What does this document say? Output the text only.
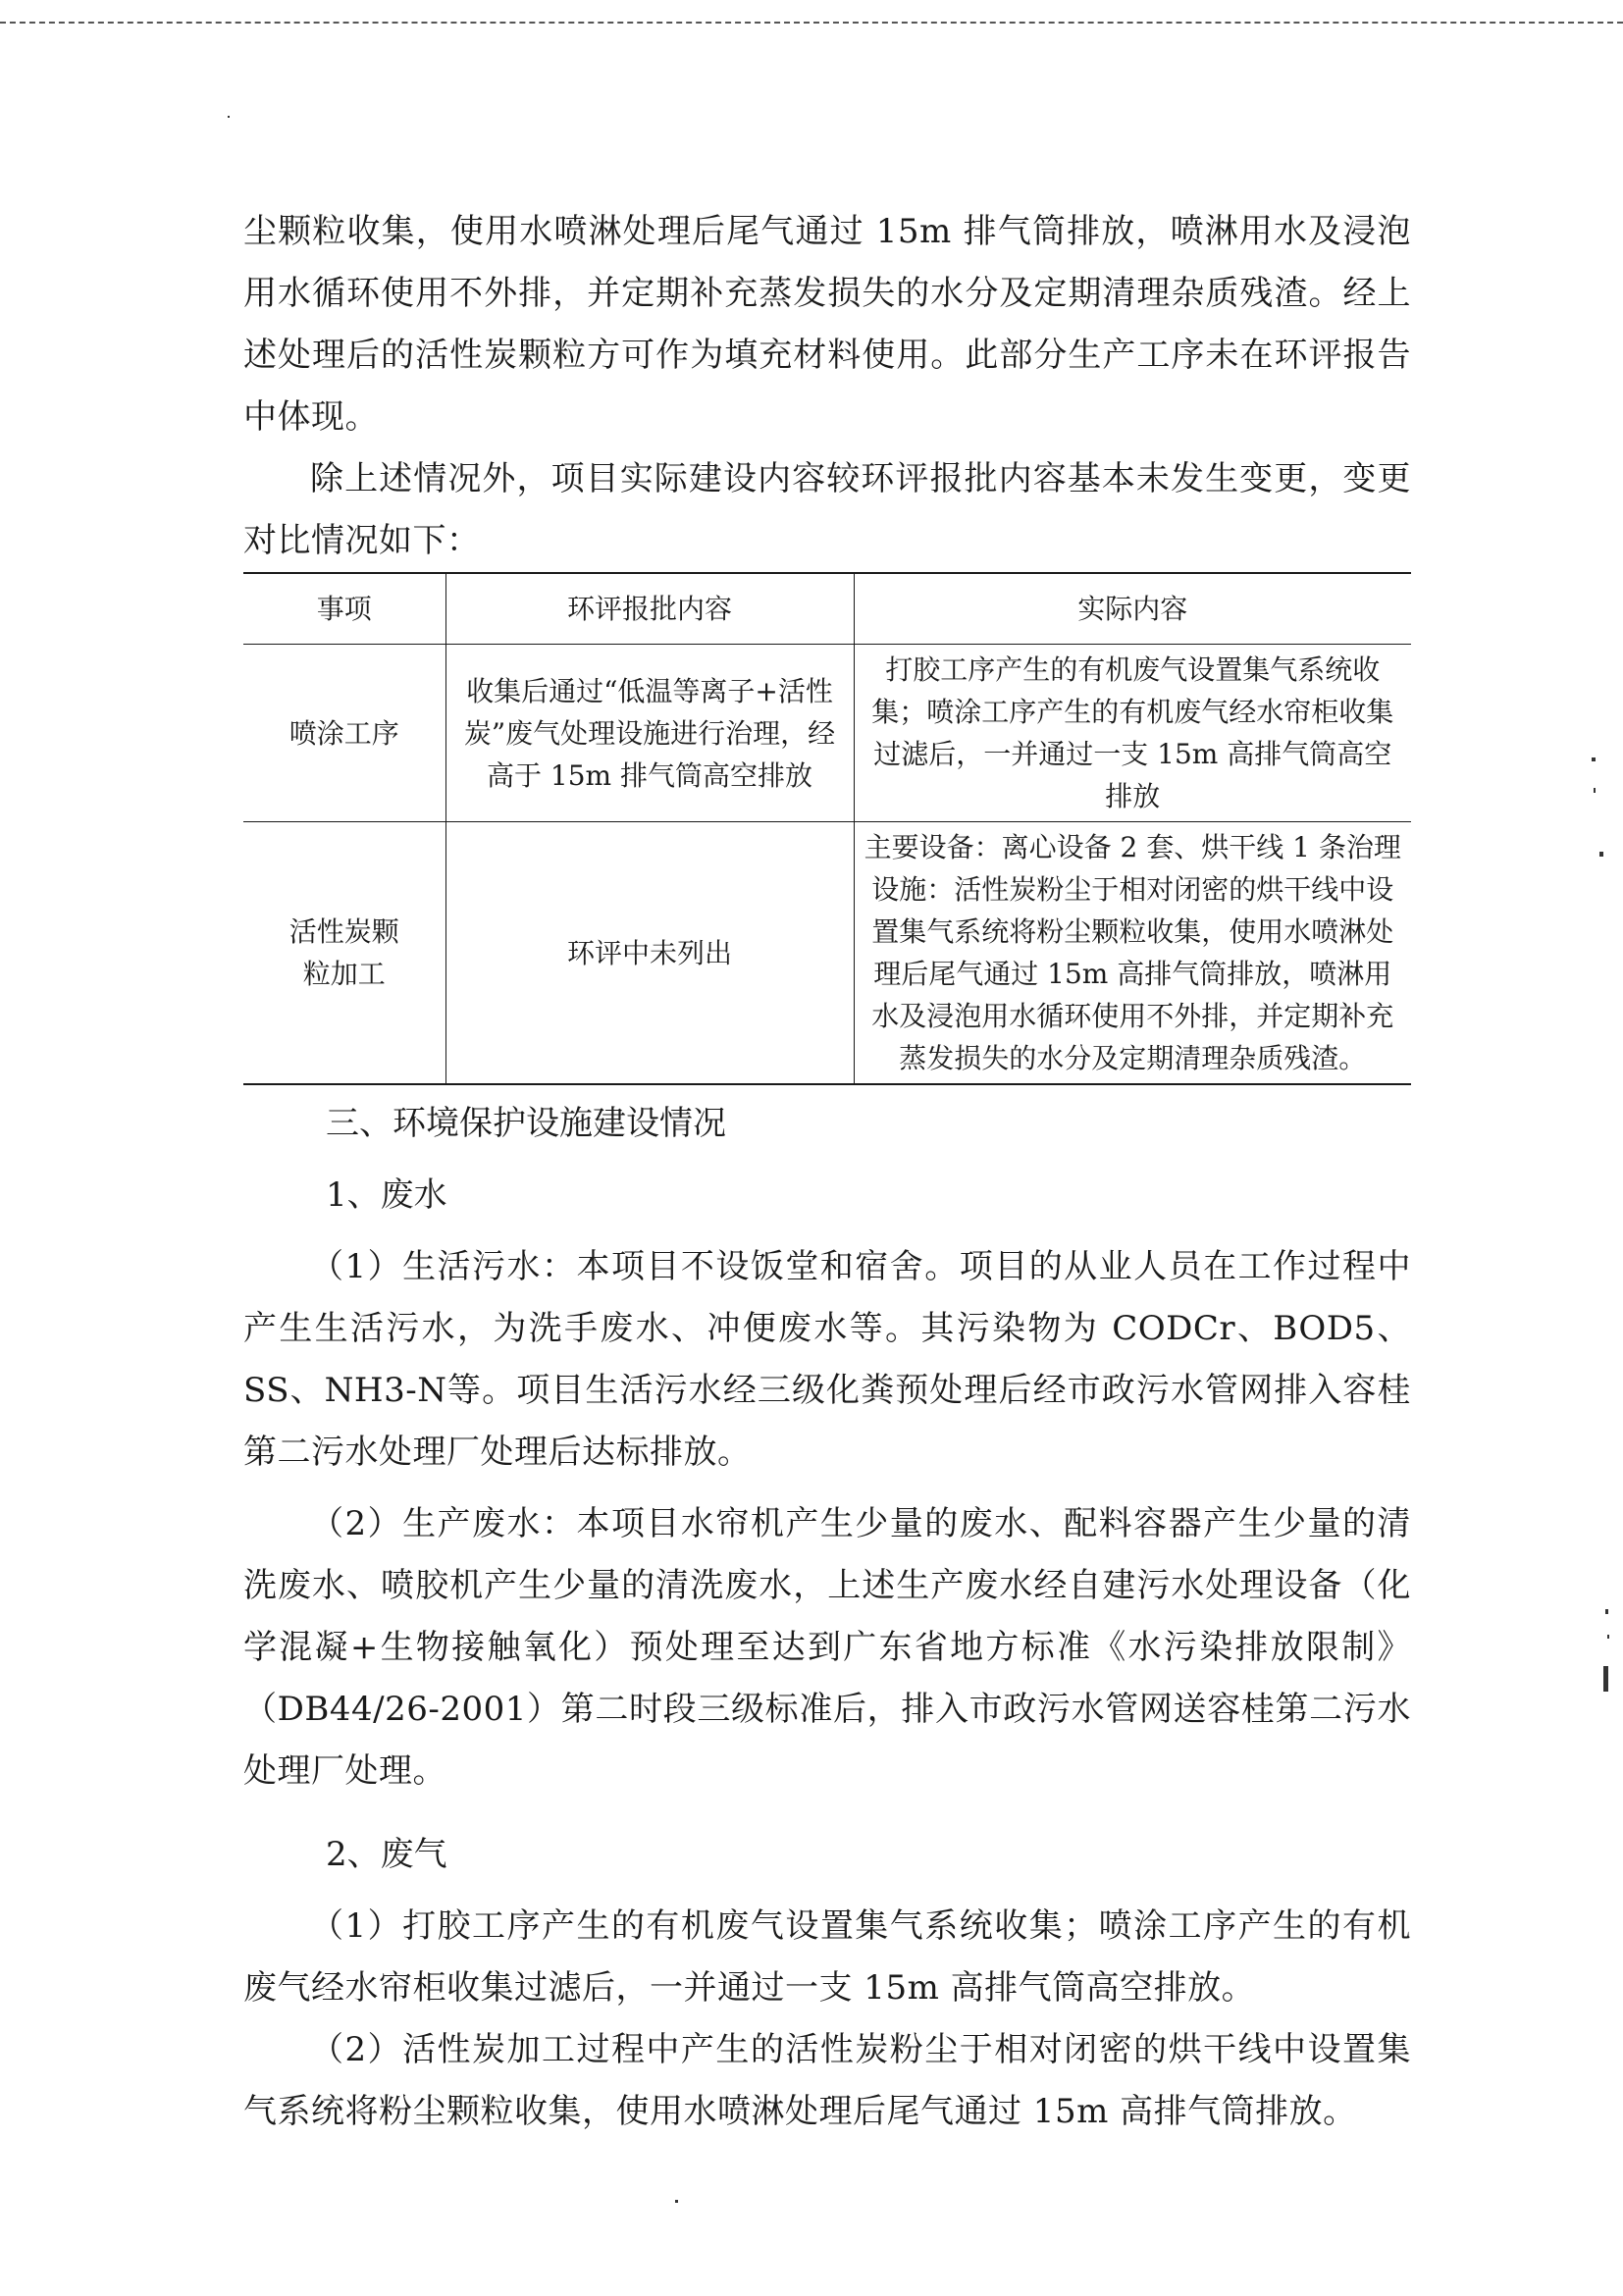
尘颗粒收集，使用水喷淋处理后尾气通过 15m 排气筒排放，喷淋用水及浸泡用水循环使用不外排，并定期补充蒸发损失的水分及定期清理杂质残渣。经上述处理后的活性炭颗粒方可作为填充材料使用。此部分生产工序未在环评报告中体现。

除上述情况外，项目实际建设内容较环评报批内容基本未发生变更，变更对比情况如下：

事项	环评报批内容	实际内容
喷涂工序	收集后通过“低温等离子+活性炭”废气处理设施进行治理，经高于 15m 排气筒高空排放	打胶工序产生的有机废气设置集气系统收集；喷涂工序产生的有机废气经水帘柜收集过滤后，一并通过一支 15m 高排气筒高空排放
活性炭颗粒加工	环评中未列出	主要设备：离心设备 2 套、烘干线 1 条治理设施：活性炭粉尘于相对闭密的烘干线中设置集气系统将粉尘颗粒收集，使用水喷淋处理后尾气通过 15m 高排气筒排放，喷淋用水及浸泡用水循环使用不外排，并定期补充蒸发损失的水分及定期清理杂质残渣。

三、环境保护设施建设情况

1、废水

（1）生活污水：本项目不设饭堂和宿舍。项目的从业人员在工作过程中产生生活污水，为洗手废水、冲便废水等。其污染物为 CODCr、BOD5、SS、NH3-N等。项目生活污水经三级化粪预处理后经市政污水管网排入容桂第二污水处理厂处理后达标排放。

（2）生产废水：本项目水帘机产生少量的废水、配料容器产生少量的清洗废水、喷胶机产生少量的清洗废水，上述生产废水经自建污水处理设备（化学混凝+生物接触氧化）预处理至达到广东省地方标准《水污染排放限制》（DB44/26-2001）第二时段三级标准后，排入市政污水管网送容桂第二污水处理厂处理。

2、废气

（1）打胶工序产生的有机废气设置集气系统收集；喷涂工序产生的有机废气经水帘柜收集过滤后，一并通过一支 15m 高排气筒高空排放。

（2）活性炭加工过程中产生的活性炭粉尘于相对闭密的烘干线中设置集气系统将粉尘颗粒收集，使用水喷淋处理后尾气通过 15m 高排气筒排放。
